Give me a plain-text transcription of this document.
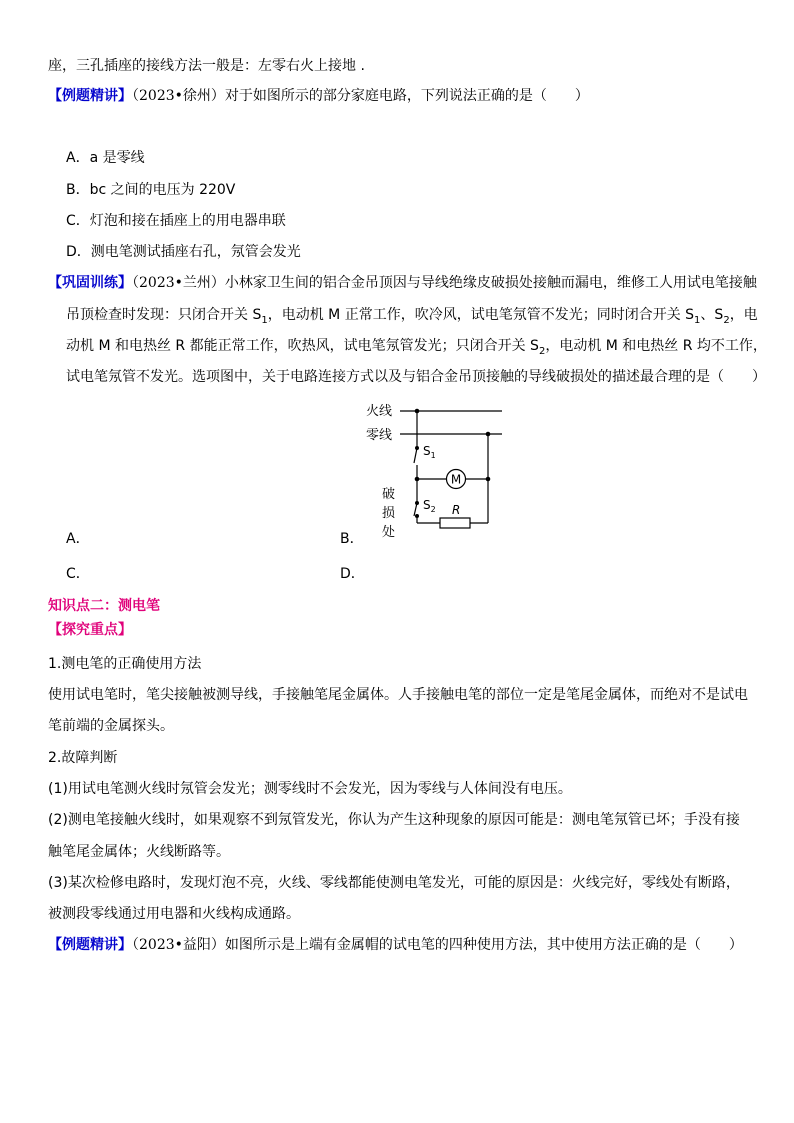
座，三孔插座的接线方法一般是：左零右火上接地 .
【例题精讲】（2023•徐州）对于如图所示的部分家庭电路，下列说法正确的是（　　）
A．a 是零线
B．bc 之间的电压为 220V
C．灯泡和接在插座上的用电器串联
D．测电笔测试插座右孔，氖管会发光
【巩固训练】（2023•兰州）小林家卫生间的铝合金吊顶因与导线绝缘皮破损处接触而漏电，维修工人用试电笔接触
吊顶检查时发现：只闭合开关 $S_1$，电动机 M 正常工作，吹冷风，试电笔氖管不发光；同时闭合开关 $S_1$、$S_2$，电
动机 M 和电热丝 R 都能正常工作，吹热风，试电笔氖管发光；只闭合开关 $S_2$，电动机 M 和电热丝 R 均不工作，
试电笔氖管不发光。选项图中，关于电路连接方式以及与铝合金吊顶接触的导线破损处的描述最合理的是（　　）
M
R
火线
零线
$S_1$
$S_2$
破
损
处
A．	B．
C．	D．
知识点二：测电笔
【探究重点】
1.测电笔的正确使用方法
使用试电笔时，笔尖接触被测导线，手接触笔尾金属体。人手接触电笔的部位一定是笔尾金属体，而绝对不是试电
笔前端的金属探头。
2.故障判断
(1)用试电笔测火线时氖管会发光；测零线时不会发光，因为零线与人体间没有电压。
(2)测电笔接触火线时，如果观察不到氖管发光，你认为产生这种现象的原因可能是：测电笔氖管已坏；手没有接
触笔尾金属体；火线断路等。
(3)某次检修电路时，发现灯泡不亮，火线、零线都能使测电笔发光，可能的原因是：火线完好，零线处有断路，
被测段零线通过用电器和火线构成通路。
【例题精讲】（2023•益阳）如图所示是上端有金属帽的试电笔的四种使用方法，其中使用方法正确的是（　　）
